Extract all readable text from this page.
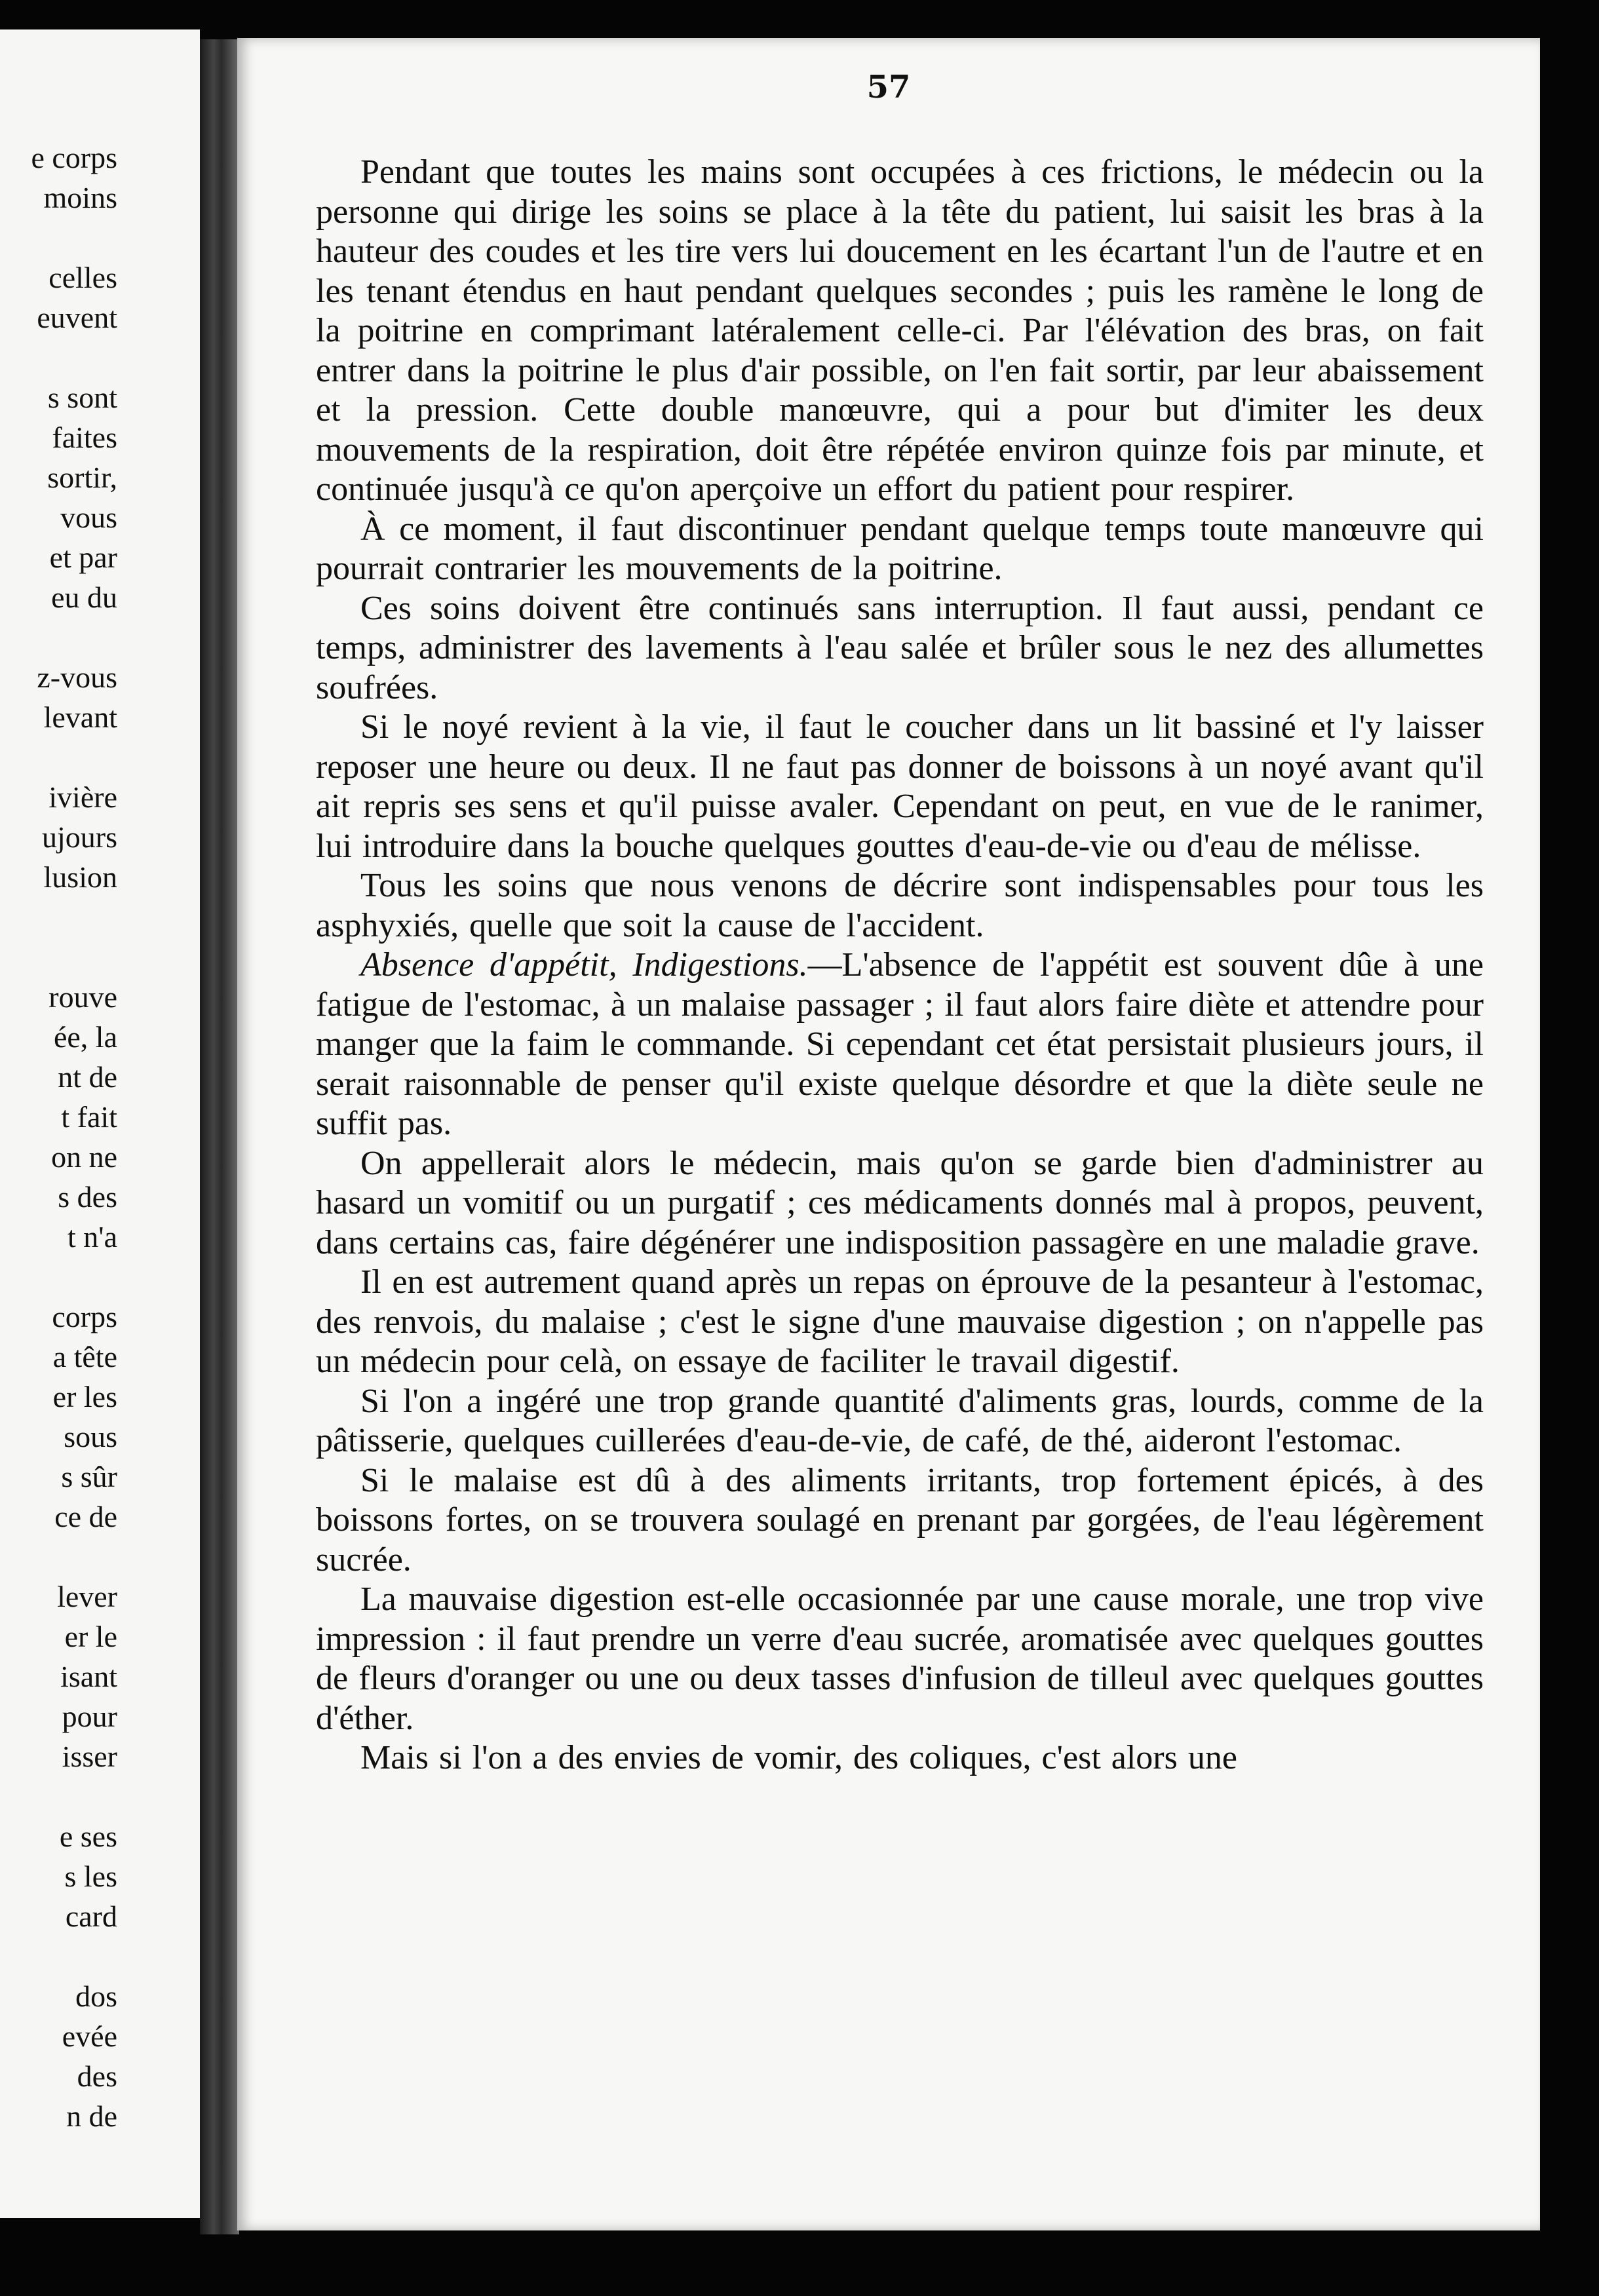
e corps
moins
celles
euvent
s sont
faites
sortir,
vous
et par
eu du
z-vous
levant
ivière
ujours
lusion
rouve
ée, la
nt de
t fait
on ne
s des
t n'a
corps
a tête
er les
sous
s sûr
ce de
lever
er le
isant
pour
isser
e ses
s les
card
dos
evée
des
n de
57

Pendant que toutes les mains sont occupées à ces frictions, le médecin ou la personne qui dirige les soins se place à la tête du patient, lui saisit les bras à la hauteur des coudes et les tire vers lui doucement en les écartant l'un de l'autre et en les tenant étendus en haut pendant quelques secondes ; puis les ramène le long de la poitrine en comprimant latéralement celle-ci. Par l'élévation des bras, on fait entrer dans la poitrine le plus d'air possible, on l'en fait sortir, par leur abaissement et la pression. Cette double manœuvre, qui a pour but d'imiter les deux mouvements de la respiration, doit être répétée environ quinze fois par minute, et continuée jusqu'à ce qu'on aperçoive un effort du patient pour respirer.

À ce moment, il faut discontinuer pendant quelque temps toute manœuvre qui pourrait contrarier les mouvements de la poitrine.

Ces soins doivent être continués sans interruption. Il faut aussi, pendant ce temps, administrer des lavements à l'eau salée et brûler sous le nez des allumettes soufrées.

Si le noyé revient à la vie, il faut le coucher dans un lit bassiné et l'y laisser reposer une heure ou deux. Il ne faut pas donner de boissons à un noyé avant qu'il ait repris ses sens et qu'il puisse avaler. Cependant on peut, en vue de le ranimer, lui introduire dans la bouche quelques gouttes d'eau-de-vie ou d'eau de mélisse.

Tous les soins que nous venons de décrire sont indispensables pour tous les asphyxiés, quelle que soit la cause de l'accident.

Absence d'appétit, Indigestions.—L'absence de l'appétit est souvent dûe à une fatigue de l'estomac, à un malaise passager ; il faut alors faire diète et attendre pour manger que la faim le commande. Si cependant cet état persistait plusieurs jours, il serait raisonnable de penser qu'il existe quelque désordre et que la diète seule ne suffit pas.

On appellerait alors le médecin, mais qu'on se garde bien d'administrer au hasard un vomitif ou un purgatif ; ces médicaments donnés mal à propos, peuvent, dans certains cas, faire dégénérer une indisposition passagère en une maladie grave.

Il en est autrement quand après un repas on éprouve de la pesanteur à l'estomac, des renvois, du malaise ; c'est le signe d'une mauvaise digestion ; on n'appelle pas un médecin pour celà, on essaye de faciliter le travail digestif.

Si l'on a ingéré une trop grande quantité d'aliments gras, lourds, comme de la pâtisserie, quelques cuillerées d'eau-de-vie, de café, de thé, aideront l'estomac.

Si le malaise est dû à des aliments irritants, trop fortement épicés, à des boissons fortes, on se trouvera soulagé en prenant par gorgées, de l'eau légèrement sucrée.

La mauvaise digestion est-elle occasionnée par une cause morale, une trop vive impression : il faut prendre un verre d'eau sucrée, aromatisée avec quelques gouttes de fleurs d'oranger ou une ou deux tasses d'infusion de tilleul avec quelques gouttes d'éther.

Mais si l'on a des envies de vomir, des coliques, c'est alors une
